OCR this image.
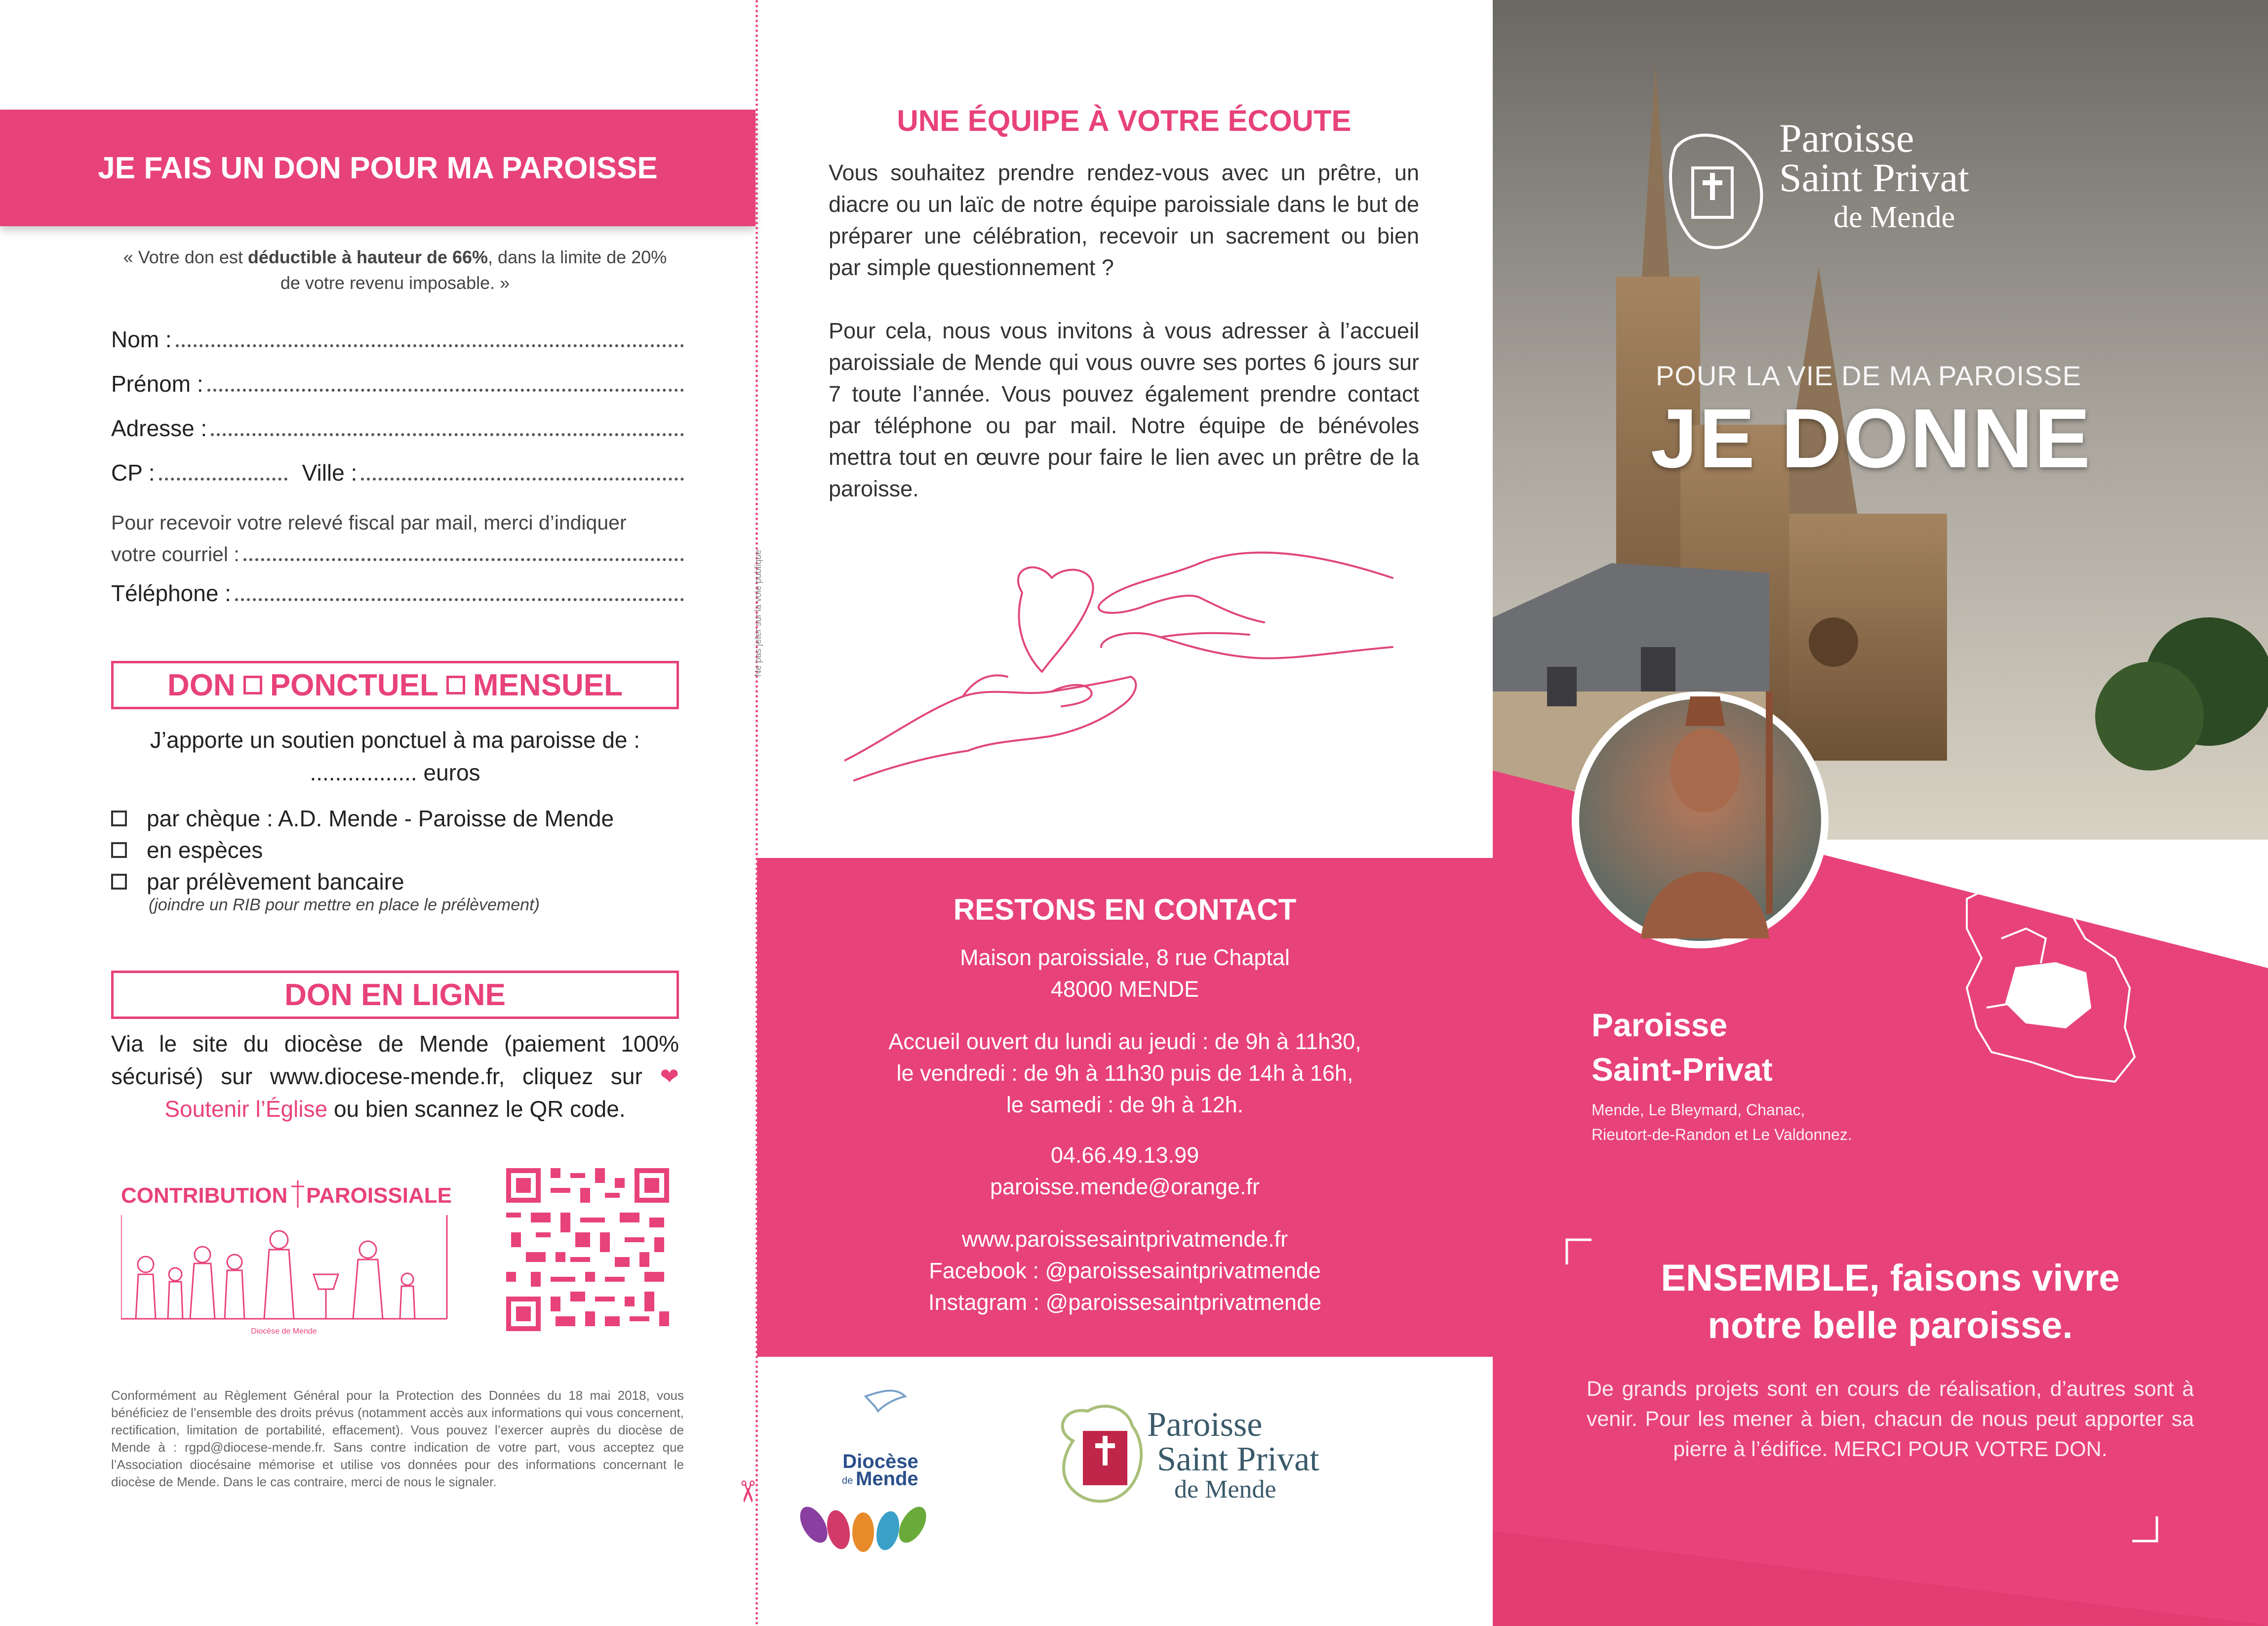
JE FAIS UN DON POUR MA PAROISSE
« Votre don est déductible à hauteur de 66%, dans la limite de 20% de votre revenu imposable. »
Nom :
Prénom :
Adresse :
CP :	Ville :
Pour recevoir votre relevé fiscal par mail, merci d’indiquer
votre courriel :
Téléphone :
DON PONCTUEL MENSUEL
J’apporte un soutien ponctuel à ma paroisse de :
................. euros
par chèque : A.D. Mende - Paroisse de Mende
en espèces
par prélèvement bancaire
(joindre un RIB pour mettre en place le prélèvement)
DON EN LIGNE
Via le site du diocèse de Mende (paiement 100% sécurisé) sur www.diocese-mende.fr, cliquez sur ❤ Soutenir l’Église ou bien scannez le QR code.
CONTRIBUTION PAROISSIALE
Diocèse de Mende
Conformément au Règlement Général pour la Protection des Données du 18 mai 2018, vous bénéficiez de l’ensemble des droits prévus (notamment accès aux informations qui vous concernent, rectification, limitation de portabilité, effacement). Vous pouvez l’exercer auprès du diocèse de Mende à : rgpd@diocese-mende.fr. Sans contre indication de votre part, vous acceptez que l’Association diocésaine mémorise et utilise vos données pour des informations concernant le diocèse de Mende. Dans le cas contraire, merci de nous le signaler.	✂
Ne pas jeter sur la voie publique
UNE ÉQUIPE À VOTRE ÉCOUTE
Vous souhaitez prendre rendez-vous avec un prêtre, un diacre ou un laïc de notre équipe paroissiale dans le but de préparer une célébration, recevoir un sacrement ou bien par simple questionnement ?
Pour cela, nous vous invitons à vous adresser à l’accueil paroissiale de Mende qui vous ouvre ses portes 6 jours sur 7 toute l’année. Vous pouvez également prendre contact par téléphone ou par mail. Notre équipe de bénévoles mettra tout en œuvre pour faire le lien avec un prêtre de la paroisse.
RESTONS EN CONTACT
Maison paroissiale, 8 rue Chaptal
48000 MENDE
Accueil ouvert du lundi au jeudi : de 9h à 11h30,
le vendredi : de 9h à 11h30 puis de 14h à 16h,
le samedi : de 9h à 12h.
04.66.49.13.99
paroisse.mende@orange.fr
www.paroissesaintprivatmende.fr
Facebook : @paroissesaintprivatmende
Instagram : @paroissesaintprivatmende
Diocèse
de Mende
Paroisse
Saint Privat
de Mende
Paroisse
Saint Privat
de Mende
POUR LA VIE DE MA PAROISSE
JE DONNE
Paroisse
Saint-Privat
Mende, Le Bleymard, Chanac,
Rieutort-de-Randon et Le Valdonnez.
ENSEMBLE, faisons vivre
notre belle paroisse.
De grands projets sont en cours de réalisation, d’autres sont à venir. Pour les mener à bien, chacun de nous peut apporter sa pierre à l’édifice. MERCI POUR VOTRE DON.
